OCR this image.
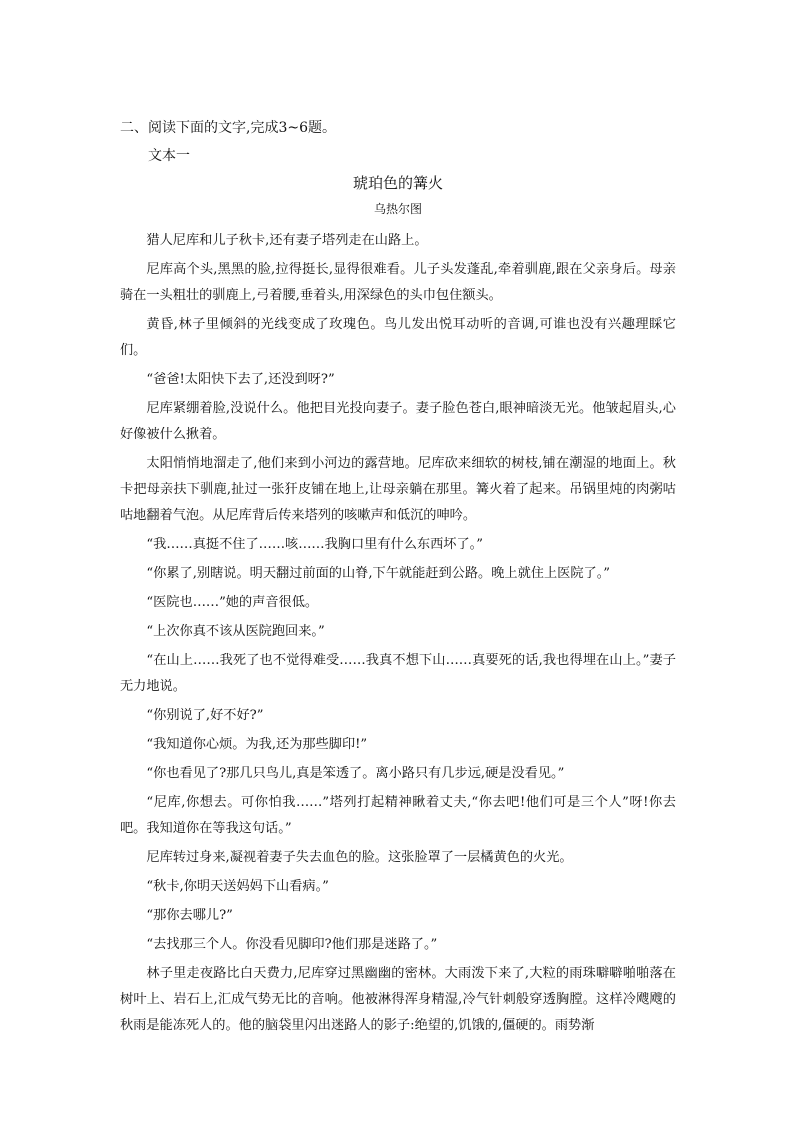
二、阅读下面的文字,完成3~6题。

文本一

琥珀色的篝火

乌热尔图

猎人尼库和儿子秋卡,还有妻子塔列走在山路上。

尼库高个头,黑黑的脸,拉得挺长,显得很难看。儿子头发蓬乱,牵着驯鹿,跟在父亲身后。母亲骑在一头粗壮的驯鹿上,弓着腰,垂着头,用深绿色的头巾包住额头。

黄昏,林子里倾斜的光线变成了玫瑰色。鸟儿发出悦耳动听的音调,可谁也没有兴趣理睬它们。

“爸爸!太阳快下去了,还没到呀?”

尼库紧绷着脸,没说什么。他把目光投向妻子。妻子脸色苍白,眼神暗淡无光。他皱起眉头,心好像被什么揪着。

太阳悄悄地溜走了,他们来到小河边的露营地。尼库砍来细软的树枝,铺在潮湿的地面上。秋卡把母亲扶下驯鹿,扯过一张犴皮铺在地上,让母亲躺在那里。篝火着了起来。吊锅里炖的肉粥咕咕地翻着气泡。从尼库背后传来塔列的咳嗽声和低沉的呻吟。

“我……真挺不住了……咳……我胸口里有什么东西坏了。”

“你累了,别瞎说。明天翻过前面的山脊,下午就能赶到公路。晚上就住上医院了。”

“医院也……”她的声音很低。

“上次你真不该从医院跑回来。”

“在山上……我死了也不觉得难受……我真不想下山……真要死的话,我也得埋在山上。”妻子无力地说。

“你别说了,好不好?”

“我知道你心烦。为我,还为那些脚印!”

“你也看见了?那几只鸟儿,真是笨透了。离小路只有几步远,硬是没看见。”

“尼库,你想去。可你怕我……”塔列打起精神瞅着丈夫,“你去吧!他们可是三个人”呀!你去吧。我知道你在等我这句话。”

尼库转过身来,凝视着妻子失去血色的脸。这张脸罩了一层橘黄色的火光。

“秋卡,你明天送妈妈下山看病。”

“那你去哪儿?”

“去找那三个人。你没看见脚印?他们那是迷路了。”

林子里走夜路比白天费力,尼库穿过黑幽幽的密林。大雨泼下来了,大粒的雨珠噼噼啪啪落在树叶上、岩石上,汇成气势无比的音响。他被淋得浑身精湿,冷气针刺般穿透胸膛。这样冷飕飕的秋雨是能冻死人的。他的脑袋里闪出迷路人的影子:绝望的,饥饿的,僵硬的。雨势渐
